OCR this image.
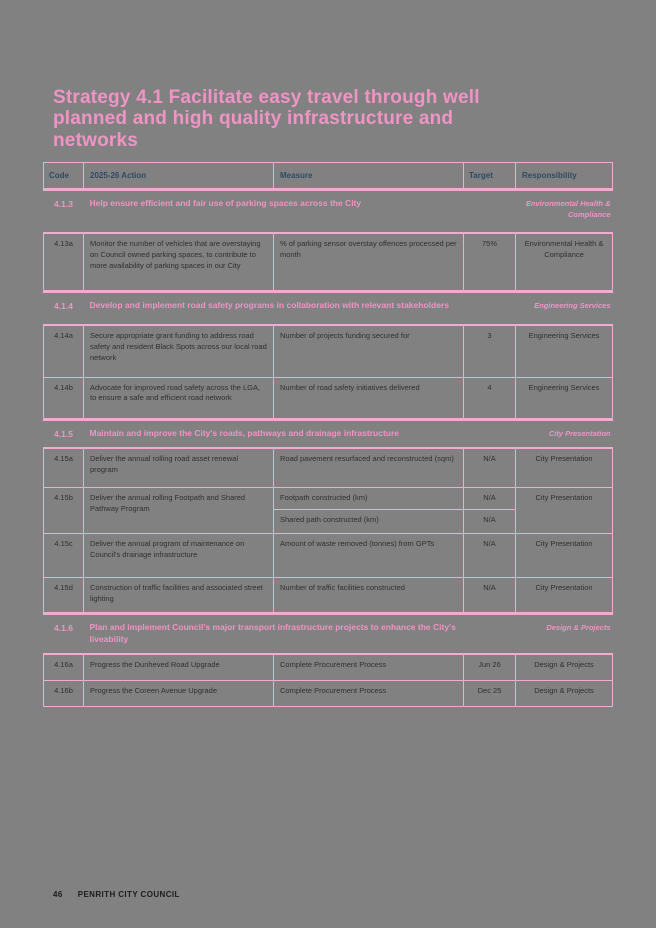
Strategy 4.1 Facilitate easy travel through well planned and high quality infrastructure and networks
Code	2025-26 Action	Measure	Target	Responsibility
4.1.3	Help ensure efficient and fair use of parking spaces across the City			Environmental Health & Compliance
4.13a	Monitor the number of vehicles that are overstaying on Council owned parking spaces, to contribute to more availability of parking spaces in our City	% of parking sensor overstay offences processed per month	75%	Environmental Health & Compliance
4.1.4	Develop and implement road safety programs in collaboration with relevant stakeholders			Engineering Services
4.14a	Secure appropriate grant funding to address road safety and resident Black Spots across our local road network	Number of projects funding secured for	3	Engineering Services
4.14b	Advocate for improved road safety across the LGA, to ensure a safe and efficient road network	Number of road safety initiatives delivered	4	Engineering Services
4.1.5	Maintain and improve the City's roads, pathways and drainage infrastructure			City Presentation
4.15a	Deliver the annual rolling road asset renewal program	Road pavement resurfaced and reconstructed (sqm)	N/A	City Presentation
4.15b	Deliver the annual rolling Footpath and Shared Pathway Program	Footpath constructed (km)	N/A	City Presentation
		Shared path constructed (km)	N/A	
4.15c	Deliver the annual program of maintenance on Council's drainage infrastructure	Amount of waste removed (tonnes) from GPTs	N/A	City Presentation
4.15d	Construction of traffic facilities and associated street lighting	Number of traffic facilities constructed	N/A	City Presentation
4.1.6	Plan and implement Council's major transport infrastructure projects to enhance the City's liveability			Design & Projects
4.16a	Progress the Dunheved Road Upgrade	Complete Procurement Process	Jun 26	Design & Projects
4.16b	Progress the Coreen Avenue Upgrade	Complete Procurement Process	Dec 25	Design & Projects
46 PENRITH CITY COUNCIL
